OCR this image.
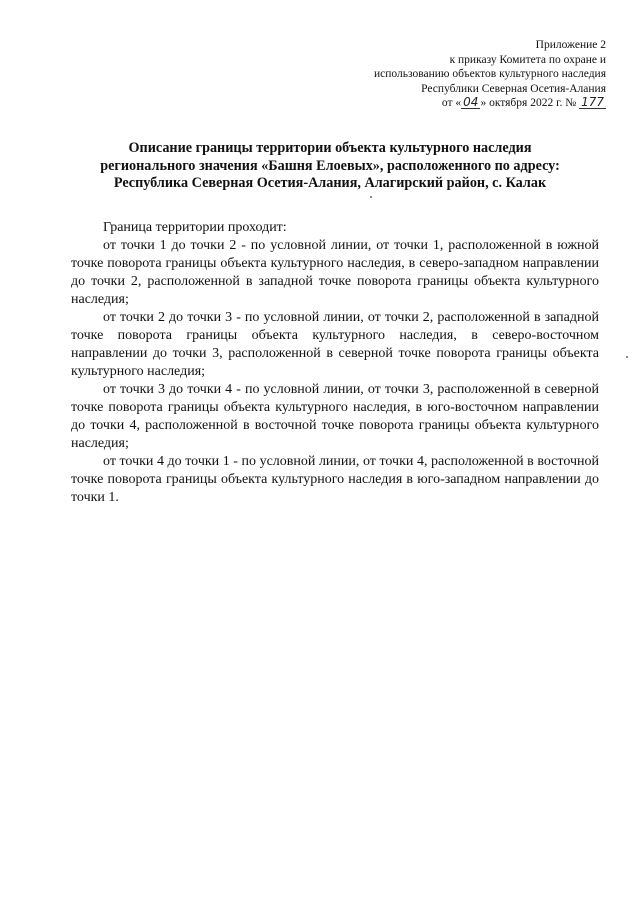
Приложение 2
к приказу Комитета по охране и
использованию объектов культурного наследия
Республики Северная Осетия-Алания
от « 04 » октября 2022 г. № 177
Описание границы территории объекта культурного наследия
регионального значения «Башня Елоевых», расположенного по адресу:
Республика Северная Осетия-Алания, Алагирский район, с. Калак

Граница территории проходит:

от точки 1 до точки 2 - по условной линии, от точки 1, расположенной в южной точке поворота границы объекта культурного наследия, в северо-западном направлении до точки 2, расположенной в западной точке поворота границы объекта культурного наследия;

от точки 2 до точки 3 - по условной линии, от точки 2, расположенной в западной точке поворота границы объекта культурного наследия, в северо-восточном направлении до точки 3, расположенной в северной точке поворота границы объекта культурного наследия;

от точки 3 до точки 4 - по условной линии, от точки 3, расположенной в северной точке поворота границы объекта культурного наследия, в юго-восточном направлении до точки 4, расположенной в восточной точке поворота границы объекта культурного наследия;

от точки 4 до точки 1 - по условной линии, от точки 4, расположенной в восточной точке поворота границы объекта культурного наследия в юго-западном направлении до точки 1.
